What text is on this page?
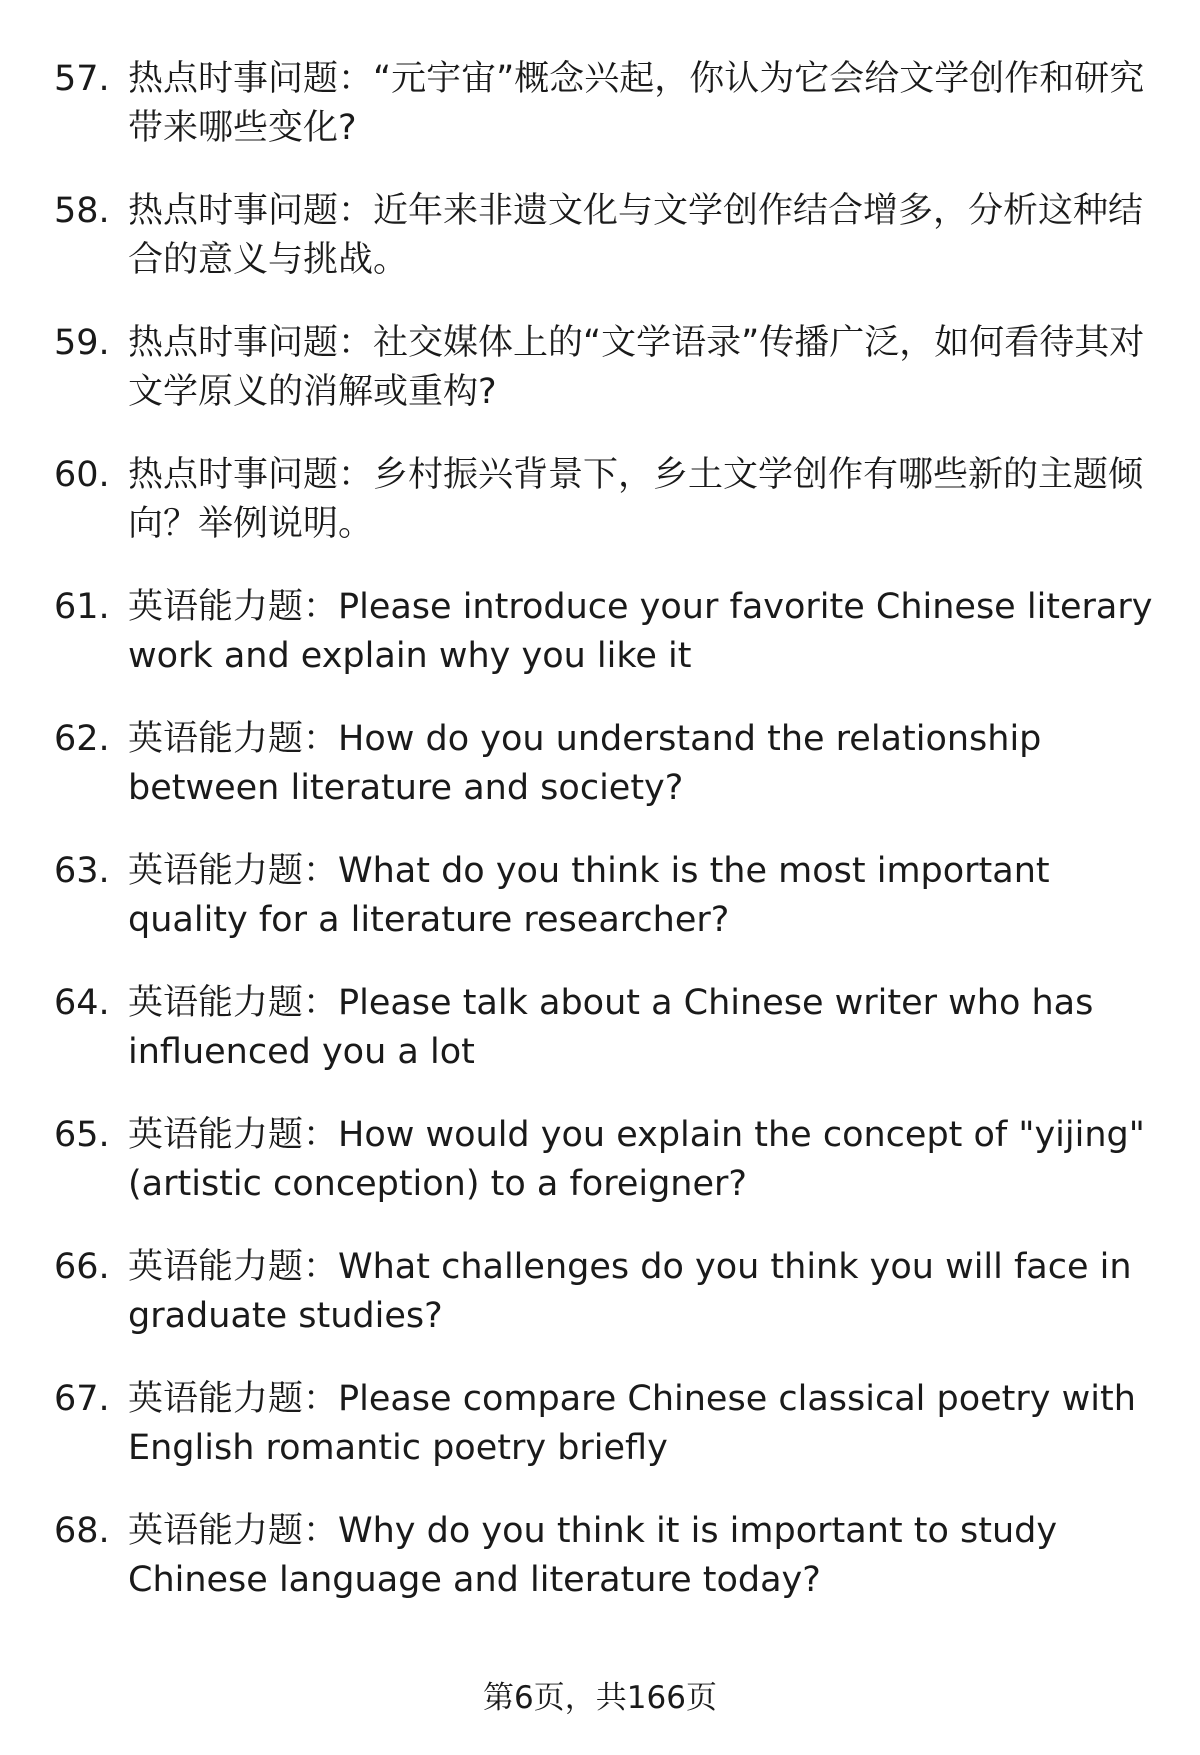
57. 热点时事问题：“元宇宙”概念兴起，你认为它会给文学创作和研究带来哪些变化?
58. 热点时事问题：近年来非遗文化与文学创作结合增多，分析这种结合的意义与挑战。
59. 热点时事问题：社交媒体上的“文学语录”传播广泛，如何看待其对文学原义的消解或重构?
60. 热点时事问题：乡村振兴背景下，乡土文学创作有哪些新的主题倾向？举例说明。
61. 英语能力题：Please introduce your favorite Chinese literary work and explain why you like it
62. 英语能力题：How do you understand the relationship between literature and society?
63. 英语能力题：What do you think is the most important quality for a literature researcher?
64. 英语能力题：Please talk about a Chinese writer who has influenced you a lot
65. 英语能力题：How would you explain the concept of "yijing" (artistic conception) to a foreigner?
66. 英语能力题：What challenges do you think you will face in graduate studies?
67. 英语能力题：Please compare Chinese classical poetry with English romantic poetry briefly
68. 英语能力题：Why do you think it is important to study Chinese language and literature today?
第6页，共166页
